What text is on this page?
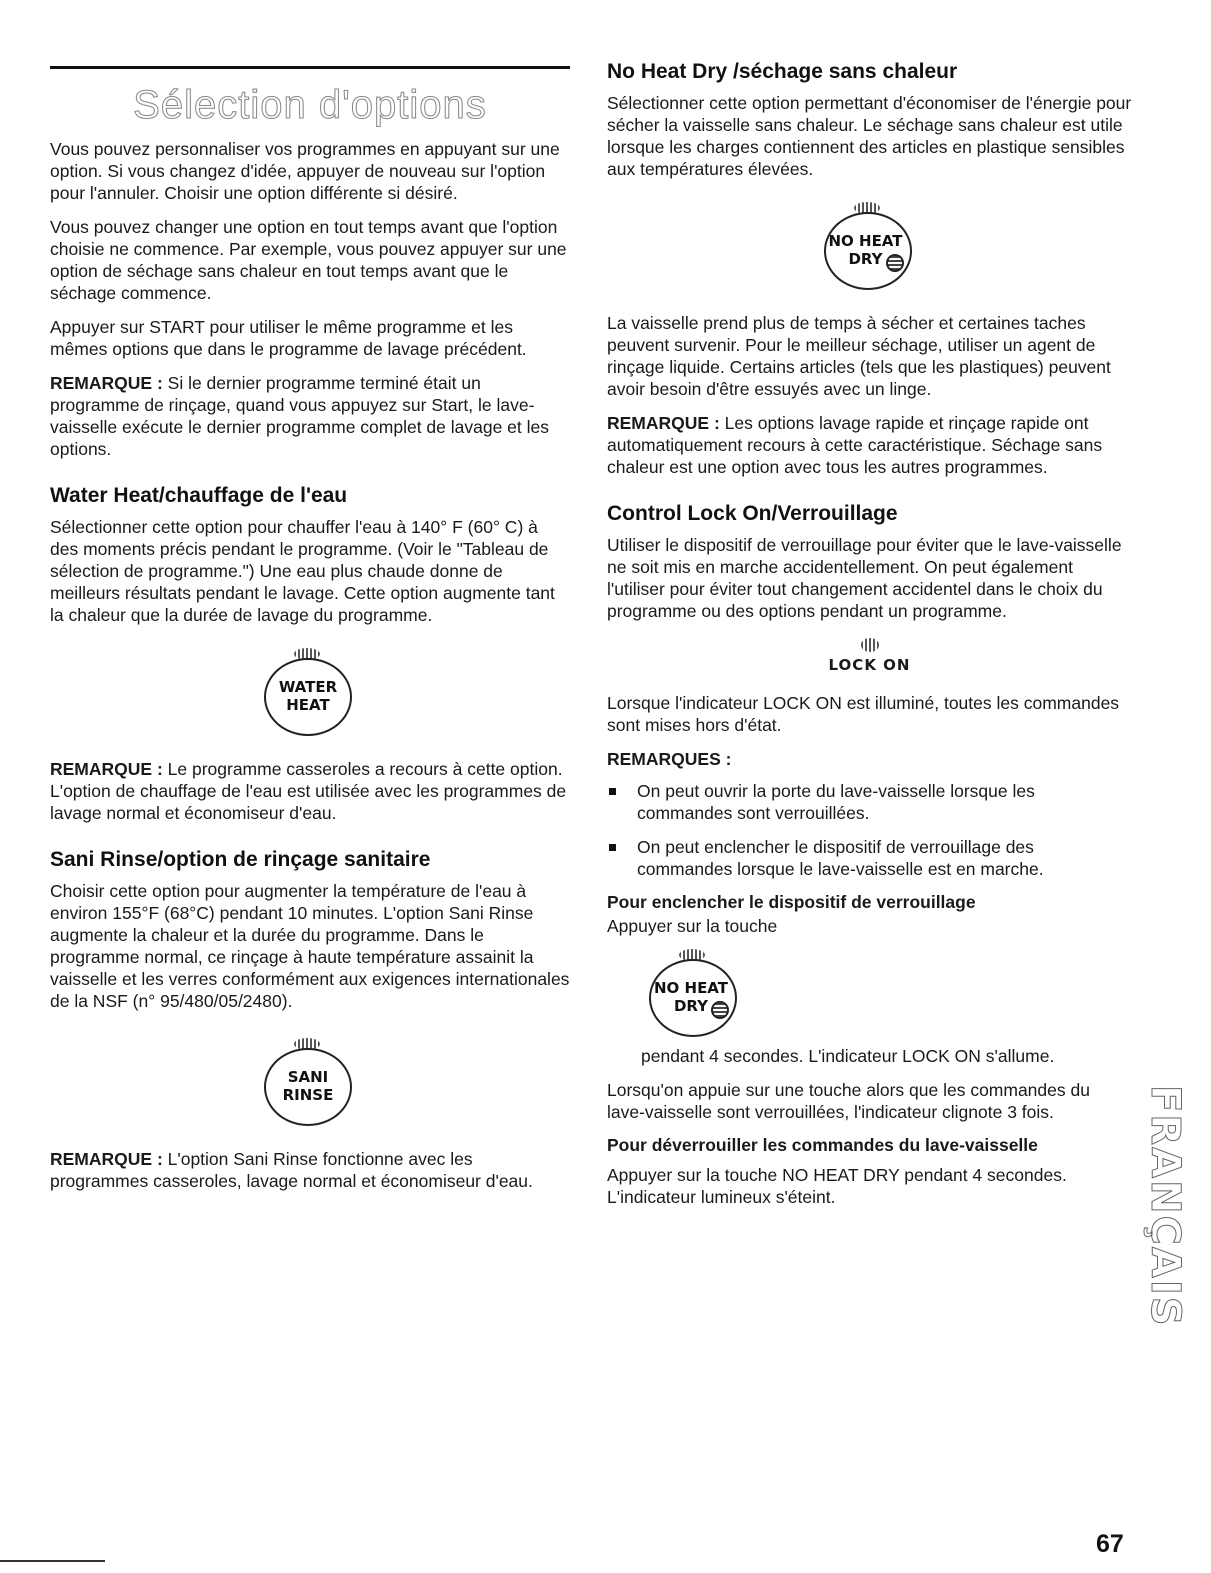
Sélection d'options

Vous pouvez personnaliser vos programmes en appuyant sur une option. Si vous changez d'idée, appuyer de nouveau sur l'option pour l'annuler. Choisir une option différente si désiré.

Vous pouvez changer une option en tout temps avant que l'option choisie ne commence. Par exemple, vous pouvez appuyer sur une option de séchage sans chaleur en tout temps avant que le séchage commence.

Appuyer sur START pour utiliser le même programme et les mêmes options que dans le programme de lavage précédent.

REMARQUE : Si le dernier programme terminé était un programme de rinçage, quand vous appuyez sur Start, le lave-vaisselle exécute le dernier programme complet de lavage et les options.

Water Heat/chauffage de l'eau

Sélectionner cette option pour chauffer l'eau à 140° F (60° C) à des moments précis pendant le programme. (Voir le "Tableau de sélection de programme.") Une eau plus chaude donne de meilleurs résultats pendant le lavage. Cette option augmente tant la chaleur que la durée de lavage du programme.

WATER
HEAT

REMARQUE : Le programme casseroles a recours à cette option. L'option de chauffage de l'eau est utilisée avec les programmes de lavage normal et économiseur d'eau.

Sani Rinse/option de rinçage sanitaire

Choisir cette option pour augmenter la température de l'eau à environ 155°F (68°C) pendant 10 minutes. L'option Sani Rinse augmente la chaleur et la durée du programme. Dans le programme normal, ce rinçage à haute température assainit la vaisselle et les verres conformément aux exigences internationales de la NSF (n° 95/480/05/2480).

SANI
RINSE

REMARQUE : L'option Sani Rinse fonctionne avec les programmes casseroles, lavage normal et économiseur d'eau.

No Heat Dry /séchage sans chaleur

Sélectionner cette option permettant d'économiser de l'énergie pour sécher la vaisselle sans chaleur. Le séchage sans chaleur est utile lorsque les charges contiennent des articles en plastique sensibles aux températures élevées.

NO HEAT
DRY

La vaisselle prend plus de temps à sécher et certaines taches peuvent survenir. Pour le meilleur séchage, utiliser un agent de rinçage liquide. Certains articles (tels que les plastiques) peuvent avoir besoin d'être essuyés avec un linge.

REMARQUE : Les options lavage rapide et rinçage rapide ont automatiquement recours à cette caractéristique. Séchage sans chaleur est une option avec tous les autres programmes.

Control Lock On/Verrouillage

Utiliser le dispositif de verrouillage pour éviter que le lave-vaisselle ne soit mis en marche accidentellement. On peut également l'utiliser pour éviter tout changement accidentel dans le choix du programme ou des options pendant un programme.

LOCK ON

Lorsque l'indicateur LOCK ON est illuminé, toutes les commandes sont mises hors d'état.

REMARQUES :

On peut ouvrir la porte du lave-vaisselle lorsque les commandes sont verrouillées.
On peut enclencher le dispositif de verrouillage des commandes lorsque le lave-vaisselle est en marche.
Pour enclencher le dispositif de verrouillage

Appuyer sur la touche

NO HEAT
DRY

pendant 4 secondes. L'indicateur LOCK ON s'allume.

Lorsqu'on appuie sur une touche alors que les commandes du lave-vaisselle sont verrouillées, l'indicateur clignote 3 fois.

Pour déverrouiller les commandes du lave-vaisselle

Appuyer sur la touche NO HEAT DRY pendant 4 secondes. L'indicateur lumineux s'éteint.	FRANÇAIS
67
